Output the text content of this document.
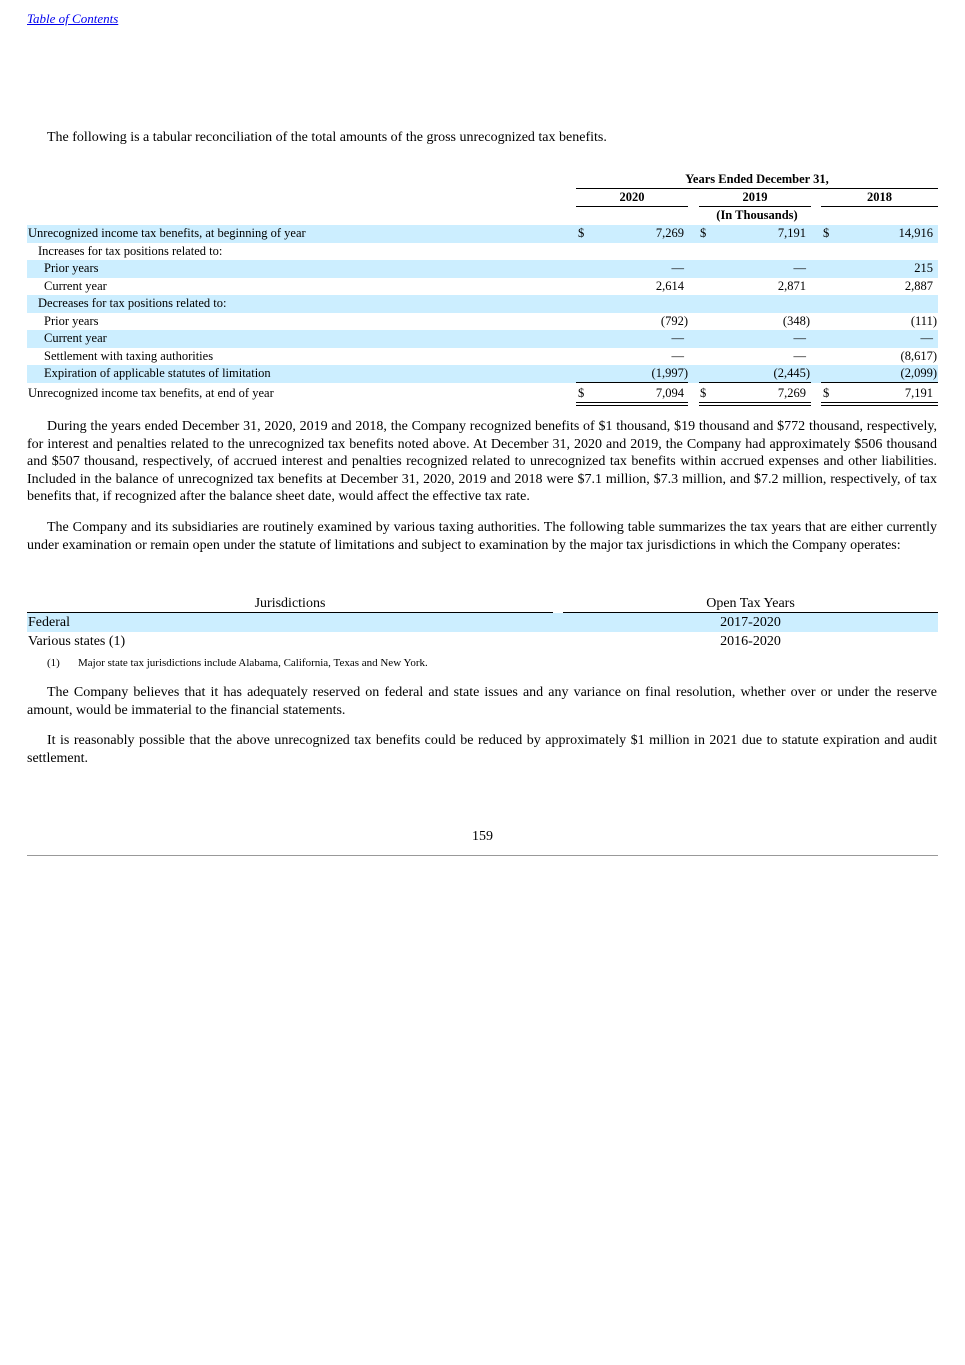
Table of Contents

The following is a tabular reconciliation of the total amounts of the gross unrecognized tax benefits.

Years Ended December 31,
2020	2019	2018
(In Thousands)
Unrecognized income tax benefits, at beginning of year	$	7,269 $	7,191 $	14,916
Increases for tax positions related to:
Prior years	—	—	215
Current year	2,614	2,871	2,887
Decreases for tax positions related to:
Prior years	(792)	(348)	(111)
Current year	—	—	—
Settlement with taxing authorities	—	—	(8,617)
Expiration of applicable statutes of limitation	(1,997)	(2,445)	(2,099)
Unrecognized income tax benefits, at end of year	$	7,094 $	7,269 $	7,191

During the years ended December 31, 2020, 2019 and 2018, the Company recognized benefits of $1 thousand, $19 thousand and $772 thousand, respectively, for interest and penalties related to the unrecognized tax benefits noted above. At December 31, 2020 and 2019, the Company had approximately $506 thousand and $507 thousand, respectively, of accrued interest and penalties recognized related to unrecognized tax benefits within accrued expenses and other liabilities. Included in the balance of unrecognized tax benefits at December 31, 2020, 2019 and 2018 were $7.1 million, $7.3 million, and $7.2 million, respectively, of tax benefits that, if recognized after the balance sheet date, would affect the effective tax rate.

The Company and its subsidiaries are routinely examined by various taxing authorities. The following table summarizes the tax years that are either currently under examination or remain open under the statute of limitations and subject to examination by the major tax jurisdictions in which the Company operates:

Jurisdictions	Open Tax Years
Federal	2017-2020
Various states (1)	2016-2020
(1) Major state tax jurisdictions include Alabama, California, Texas and New York.

The Company believes that it has adequately reserved on federal and state issues and any variance on final resolution, whether over or under the reserve amount, would be immaterial to the financial statements.

It is reasonably possible that the above unrecognized tax benefits could be reduced by approximately $1 million in 2021 due to statute expiration and audit settlement.

159
